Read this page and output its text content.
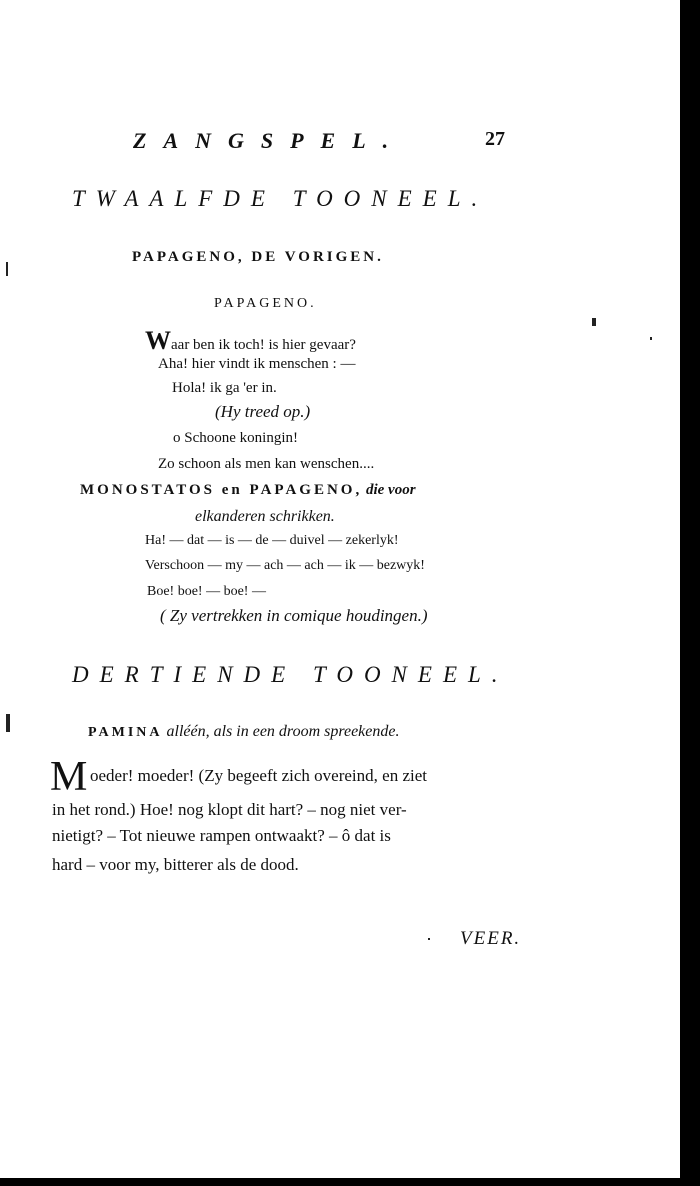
ZANGSPEL.	27
TWAALFDE TOONEEL.
PAPAGENO, DE VORIGEN.
PAPAGENO.
Waar ben ik toch! is hier gevaar?
Aha! hier vindt ik menschen : —
Hola! ik ga 'er in.
(Hy treed op.)
o Schoone koningin!
Zo schoon als men kan wenschen....
MONOSTATOS en PAPAGENO, die voor
elkanderen schrikken.
Ha! — dat — is — de — duivel — zekerlyk!
Verschoon — my — ach — ach — ik — bezwyk!
Boe! boe! — boe! —
( Zy vertrekken in comique houdingen.)
DERTIENDE TOONEEL.
PAMINA alléén, als in een droom spreekende.
M oeder! moeder! (Zy begeeft zich overeind, en ziet
in het rond.) Hoe! nog klopt dit hart? – nog niet ver-
nietigt? – Tot nieuwe rampen ontwaakt? – ô dat is
hard – voor my, bitterer als de dood.
VEER.
